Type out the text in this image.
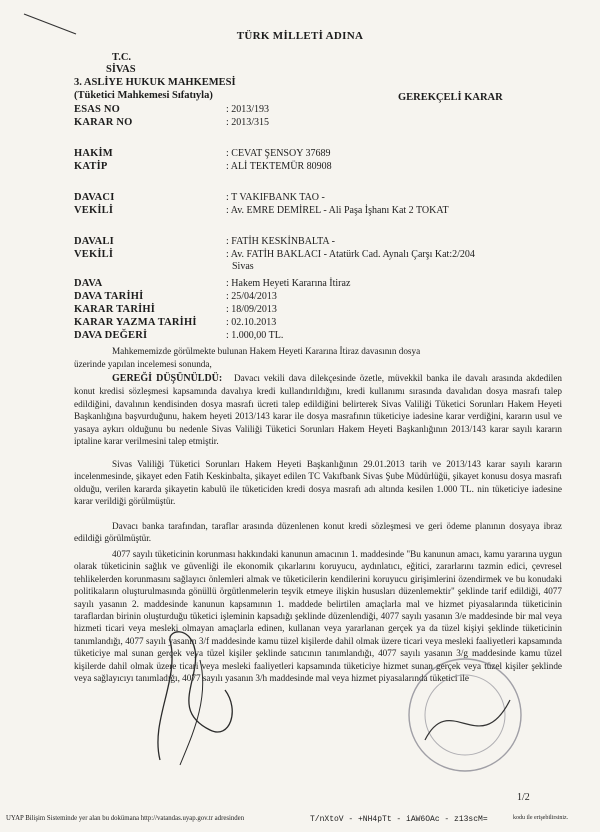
TÜRK MİLLETİ ADINA
T.C.
SİVAS
3. ASLİYE HUKUK MAHKEMESİ
(Tüketici Mahkemesi Sıfatıyla)	GEREKÇELİ KARAR
ESAS NO	: 2013/193
KARAR NO	: 2013/315
HAKİM	: CEVAT ŞENSOY 37689
KATİP	: ALİ TEKTEMÜR 80908
DAVACI	: T VAKIFBANK TAO -
VEKİLİ	: Av. EMRE DEMİREL - Ali Paşa İşhanı Kat 2 TOKAT
DAVALI	: FATİH KESKİNBALTA -
VEKİLİ	: Av. FATİH BAKLACI - Atatürk Cad. Aynalı Çarşı Kat:2/204
Sivas
DAVA	: Hakem Heyeti Kararına İtiraz
DAVA TARİHİ	: 25/04/2013
KARAR TARİHİ	: 18/09/2013
KARAR YAZMA TARİHİ	: 02.10.2013
DAVA DEĞERİ	: 1.000,00 TL.
Mahkememizde görülmekte bulunan Hakem Heyeti Kararına İtiraz davasının dosya
üzerinde yapılan incelemesi sonunda,
GEREĞİ DÜŞÜNÜLDÜ: Davacı vekili dava dilekçesinde özetle, müvekkil banka ile davalı arasında akdedilen konut kredisi sözleşmesi kapsamında davalıya kredi kullandırıldığını, kredi kullanımı sırasında davalıdan dosya masrafı talep edildiğini, davalının kendisinden dosya masrafı ücreti talep edildiğini belirterek Sivas Valiliği Tüketici Sorunları Hakem Heyeti Başkanlığına başvurduğunu, hakem heyeti 2013/143 karar ile dosya masrafının tüketiciye iadesine karar verdiğini, kararın usul ve yasaya aykırı olduğunu bu nedenle Sivas Valiliği Tüketici Sorunları Hakem Heyeti Başkanlığının 2013/143 karar sayılı kararın iptaline karar verilmesini talep etmiştir.
Sivas Valiliği Tüketici Sorunları Hakem Heyeti Başkanlığının 29.01.2013 tarih ve 2013/143 karar sayılı kararın incelenmesinde, şikayet eden Fatih Keskinbalta, şikayet edilen TC Vakıfbank Sivas Şube Müdürlüğü, şikayet konusu dosya masrafı olduğu, verilen kararda şikayetin kabulü ile tüketiciden kredi dosya masrafı adı altında kesilen 1.000 TL. nin tüketiciye iadesine karar verildiği görülmüştür.
Davacı banka tarafından, taraflar arasında düzenlenen konut kredi sözleşmesi ve geri ödeme planının dosyaya ibraz edildiği görülmüştür.
4077 sayılı tüketicinin korunması hakkındaki kanunun amacının 1. maddesinde "Bu kanunun amacı, kamu yararına uygun olarak tüketicinin sağlık ve güvenliği ile ekonomik çıkarlarını koruyucu, aydınlatıcı, eğitici, zararlarını tazmin edici, çevresel tehlikelerden korunmasını sağlayıcı önlemleri almak ve tüketicilerin kendilerini koruyucu girişimlerini özendirmek ve bu konudaki politikaların oluşturulmasında gönüllü örgütlenmelerin teşvik etmeye ilişkin hususları düzenlemektir" şeklinde tarif edildiği, 4077 sayılı yasanın 2. maddesinde kanunun kapsamının 1. maddede belirtilen amaçlarla mal ve hizmet piyasalarında tüketicinin taraflardan birinin oluşturduğu tüketici işleminin kapsadığı şeklinde düzenlendiği, 4077 sayılı yasanın 3/e maddesinde bir mal veya hizmeti ticari veya mesleki olmayan amaçlarla edinen, kullanan veya yararlanan gerçek ya da tüzel kişiyi şeklinde tüketicinin tanımlandığı, 4077 sayılı yasanın 3/f maddesinde kamu tüzel kişilerde dahil olmak üzere ticari veya mesleki faaliyetleri kapsamında tüketiciye mal sunan gerçek veya tüzel kişiler şeklinde satıcının tanımlandığı, 4077 sayılı yasanın 3/g maddesinde kamu tüzel kişilerde dahil olmak üzere ticari veya mesleki faaliyetleri kapsamında tüketiciye hizmet sunan gerçek veya tüzel kişiler şeklinde veya sağlayıcıyı tanımladığı, 4077 sayılı yasanın 3/h maddesinde mal veya hizmet piyasalarında tüketici ile
1/2
UYAP Bilişim Sisteminde yer alan bu dokümana http://vatandas.uyap.gov.tr adresinden	T/nXtoV - +NH4pTt - iAW6OAc - z13scM=	kodu ile erişebilirsiniz.
